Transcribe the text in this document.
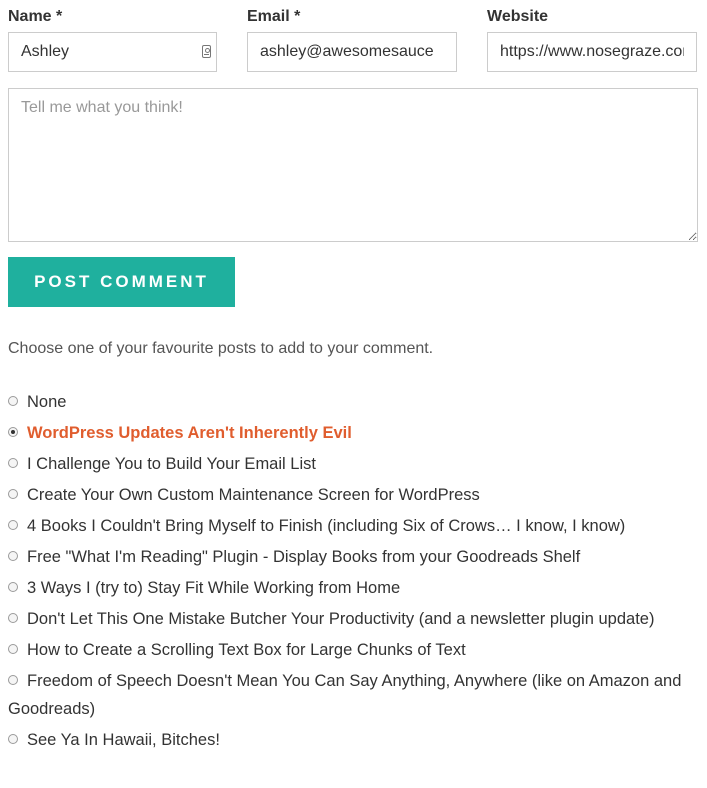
Name *
Ashley	Email *
ashley@awesomesauce	Website
https://www.nosegraze.com
Tell me what you think!
POST COMMENT
Choose one of your favourite posts to add to your comment.
None
WordPress Updates Aren't Inherently Evil
I Challenge You to Build Your Email List
Create Your Own Custom Maintenance Screen for WordPress
4 Books I Couldn't Bring Myself to Finish (including Six of Crows… I know, I know)
Free "What I'm Reading" Plugin - Display Books from your Goodreads Shelf
3 Ways I (try to) Stay Fit While Working from Home
Don't Let This One Mistake Butcher Your Productivity (and a newsletter plugin update)
How to Create a Scrolling Text Box for Large Chunks of Text
Freedom of Speech Doesn't Mean You Can Say Anything, Anywhere (like on Amazon and Goodreads)
See Ya In Hawaii, Bitches!
